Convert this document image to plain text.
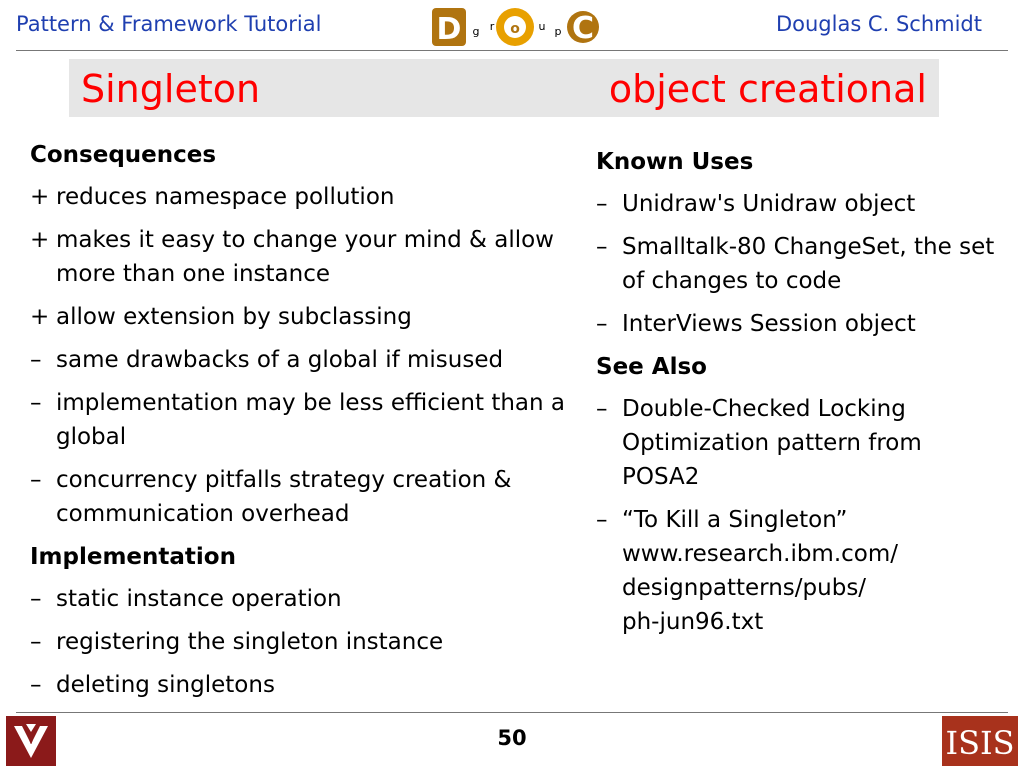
Pattern & Framework Tutorial	D g r o u p C	Douglas C. Schmidt
Singleton	object creational
Consequences
+ reduces namespace pollution
+ makes it easy to change your mind & allow more than one instance
+ allow extension by subclassing
– same drawbacks of a global if misused
– implementation may be less efficient than a global
– concurrency pitfalls strategy creation & communication overhead
Implementation
– static instance operation
– registering the singleton instance
– deleting singletons
Known Uses
– Unidraw's Unidraw object
– Smalltalk-80 ChangeSet, the set of changes to code
– InterViews Session object
See Also
– Double-Checked Locking Optimization pattern from POSA2
– “To Kill a Singleton”
www.research.ibm.com/
designpatterns/pubs/
ph-jun96.txt
V	50	ISIS
